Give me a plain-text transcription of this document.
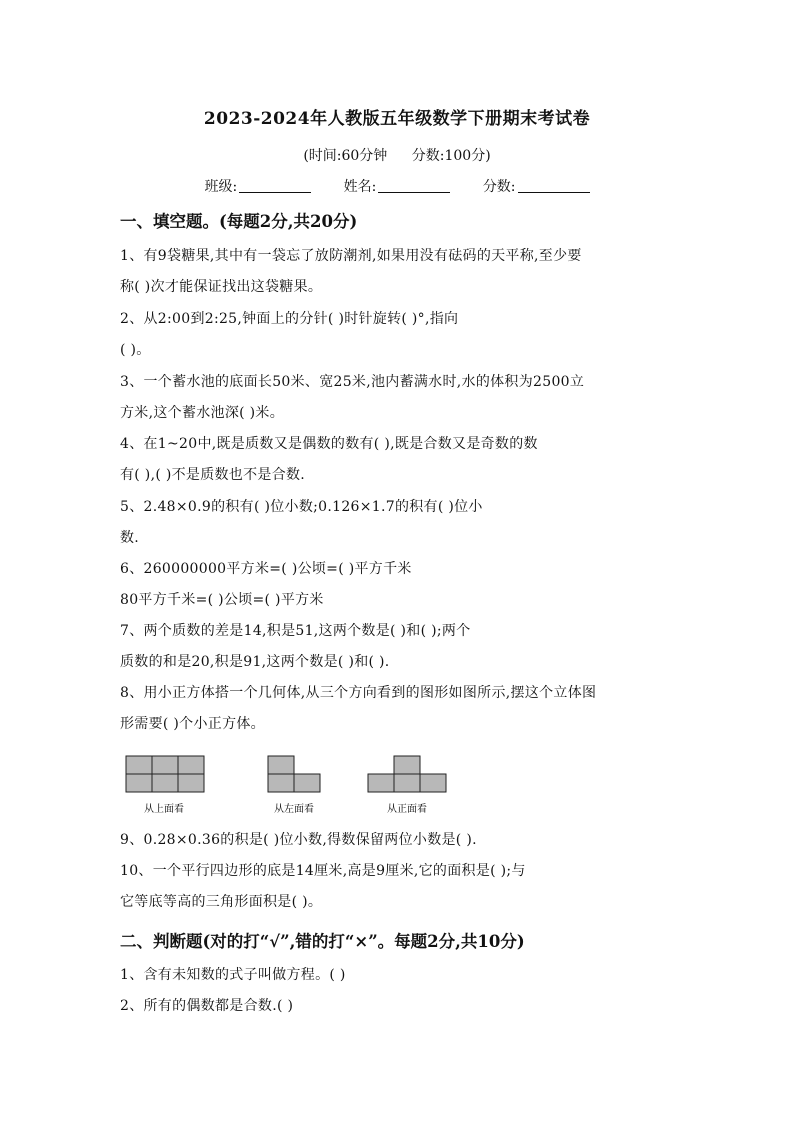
2023-2024年人教版五年级数学下册期末考试卷
(时间:60分钟 分数:100分)
班级:	姓名:	分数:
一、填空题。(每题2分,共20分)

1、有9袋糖果,其中有一袋忘了放防潮剂,如果用没有砝码的天平称,至少要

称( )次才能保证找出这袋糖果。

2、从2:00到2:25,钟面上的分针( )时针旋转( )°,指向

( )。

3、一个蓄水池的底面长50米、宽25米,池内蓄满水时,水的体积为2500立

方米,这个蓄水池深( )米。

4、在1~20中,既是质数又是偶数的数有( ),既是合数又是奇数的数

有( ),( )不是质数也不是合数.

5、2.48×0.9的积有( )位小数;0.126×1.7的积有( )位小

数.

6、260000000平方米=( )公顷=( )平方千米

80平方千米=( )公顷=( )平方米

7、两个质数的差是14,积是51,这两个数是( )和( );两个

质数的和是20,积是91,这两个数是( )和( ).

8、用小正方体搭一个几何体,从三个方向看到的图形如图所示,摆这个立体图

形需要( )个小正方体。

从上面看	从左面看	从正面看

9、0.28×0.36的积是( )位小数,得数保留两位小数是( ).

10、一个平行四边形的底是14厘米,高是9厘米,它的面积是( );与

它等底等高的三角形面积是( )。

二、判断题(对的打“√”,错的打“×”。每题2分,共10分)

1、含有未知数的式子叫做方程。( )

2、所有的偶数都是合数.( )
